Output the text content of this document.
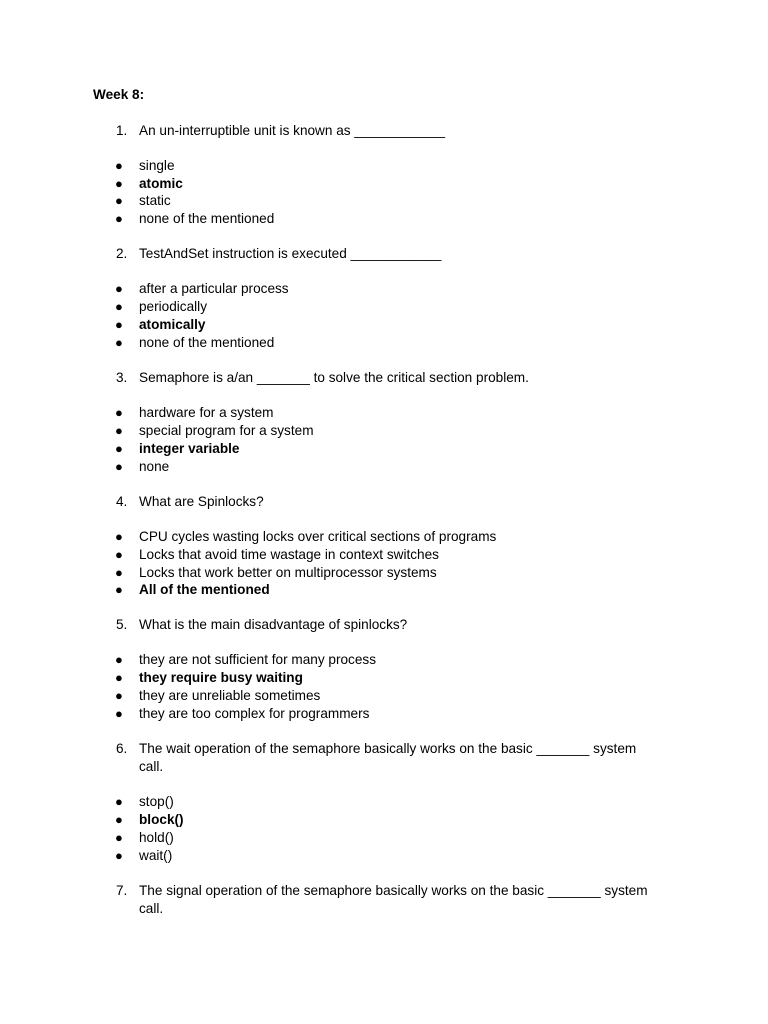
Week 8:
1. An un-interruptible unit is known as ____________
●	single
●	atomic
●	static
●	none of the mentioned
2. TestAndSet instruction is executed ____________
●	after a particular process
●	periodically
●	atomically
●	none of the mentioned
3. Semaphore is a/an _______ to solve the critical section problem.
●	hardware for a system
●	special program for a system
●	integer variable
●	none
4. What are Spinlocks?
●	CPU cycles wasting locks over critical sections of programs
●	Locks that avoid time wastage in context switches
●	Locks that work better on multiprocessor systems
●	All of the mentioned
5. What is the main disadvantage of spinlocks?
●	they are not sufficient for many process
●	they require busy waiting
●	they are unreliable sometimes
●	they are too complex for programmers
6. The wait operation of the semaphore basically works on the basic _______ system
call.
●	stop()
●	block()
●	hold()
●	wait()
7. The signal operation of the semaphore basically works on the basic _______ system
call.
